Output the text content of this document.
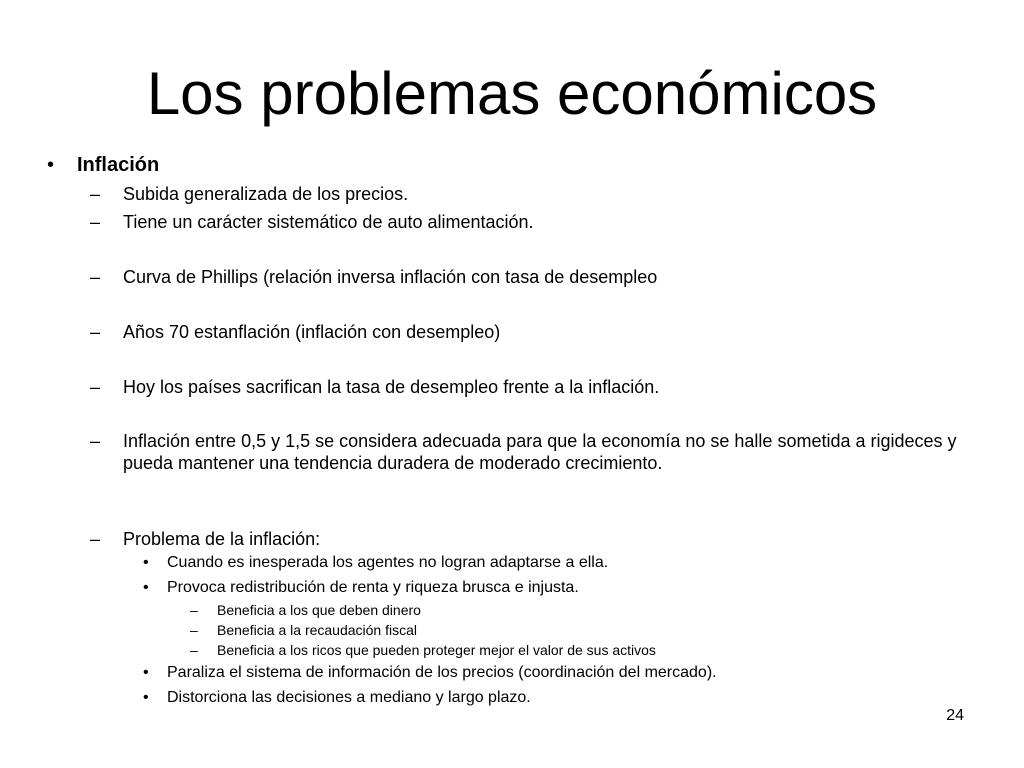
Los problemas económicos
• Inflación
– Subida generalizada de los precios.
– Tiene un carácter sistemático de auto alimentación.
– Curva de Phillips (relación inversa inflación con tasa de desempleo
– Años 70 estanflación (inflación con desempleo)
– Hoy los países sacrifican la tasa de desempleo frente a la inflación.
– Inflación entre 0,5 y 1,5 se considera adecuada para que la economía no se halle sometida a rigideces y pueda mantener una tendencia duradera de moderado crecimiento.
– Problema de la inflación:
• Cuando es inesperada los agentes no logran adaptarse a ella.
• Provoca redistribución de renta y riqueza brusca e injusta.
– Beneficia a los que deben dinero
– Beneficia a la recaudación fiscal
– Beneficia a los ricos que pueden proteger mejor el valor de sus activos
• Paraliza el sistema de información de los precios (coordinación del mercado).
• Distorciona las decisiones a mediano y largo plazo.
24
